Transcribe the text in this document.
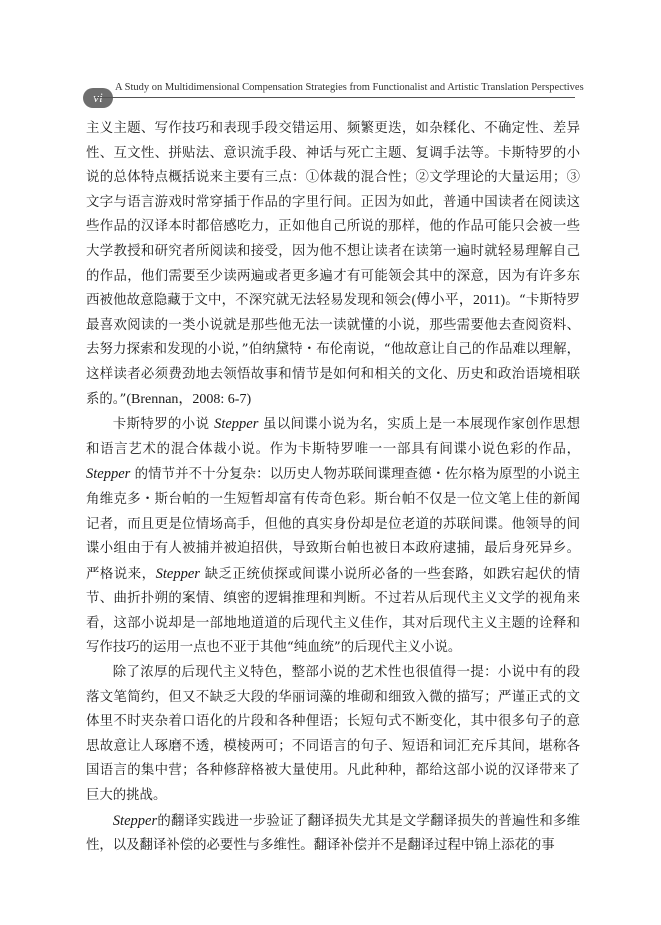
vi
A Study on Multidimensional Compensation Strategies from Functionalist and Artistic Translation Perspectives

主义主题、写作技巧和表现手段交错运用、频繁更迭，如杂糅化、不确定性、差异性、互文性、拼贴法、意识流手段、神话与死亡主题、复调手法等。卡斯特罗的小说的总体特点概括说来主要有三点：①体裁的混合性；②文学理论的大量运用；③文字与语言游戏时常穿插于作品的字里行间。正因为如此，普通中国读者在阅读这些作品的汉译本时都倍感吃力，正如他自己所说的那样，他的作品可能只会被一些大学教授和研究者所阅读和接受，因为他不想让读者在读第一遍时就轻易理解自己的作品，他们需要至少读两遍或者更多遍才有可能领会其中的深意，因为有许多东西被他故意隐藏于文中，不深究就无法轻易发现和领会(傅小平，2011)。“卡斯特罗最喜欢阅读的一类小说就是那些他无法一读就懂的小说，那些需要他去查阅资料、去努力探索和发现的小说，”伯纳黛特・布伦南说，“他故意让自己的作品难以理解，这样读者必须费劲地去领悟故事和情节是如何和相关的文化、历史和政治语境相联系的。”(Brennan，2008: 6-7)

卡斯特罗的小说 Stepper 虽以间谍小说为名，实质上是一本展现作家创作思想和语言艺术的混合体裁小说。作为卡斯特罗唯一一部具有间谍小说色彩的作品，Stepper 的情节并不十分复杂：以历史人物苏联间谍理查德・佐尔格为原型的小说主角维克多・斯台帕的一生短暂却富有传奇色彩。斯台帕不仅是一位文笔上佳的新闻记者，而且更是位情场高手，但他的真实身份却是位老道的苏联间谍。他领导的间谍小组由于有人被捕并被迫招供，导致斯台帕也被日本政府逮捕，最后身死异乡。严格说来，Stepper 缺乏正统侦探或间谍小说所必备的一些套路，如跌宕起伏的情节、曲折扑朔的案情、缜密的逻辑推理和判断。不过若从后现代主义文学的视角来看，这部小说却是一部地地道道的后现代主义佳作，其对后现代主义主题的诠释和写作技巧的运用一点也不亚于其他“纯血统”的后现代主义小说。

除了浓厚的后现代主义特色，整部小说的艺术性也很值得一提：小说中有的段落文笔简约，但又不缺乏大段的华丽词藻的堆砌和细致入微的描写；严谨正式的文体里不时夹杂着口语化的片段和各种俚语；长短句式不断变化，其中很多句子的意思故意让人琢磨不透，模棱两可；不同语言的句子、短语和词汇充斥其间，堪称各国语言的集中营；各种修辞格被大量使用。凡此种种，都给这部小说的汉译带来了巨大的挑战。

Stepper的翻译实践进一步验证了翻译损失尤其是文学翻译损失的普遍性和多维性，以及翻译补偿的必要性与多维性。翻译补偿并不是翻译过程中锦上添花的事
